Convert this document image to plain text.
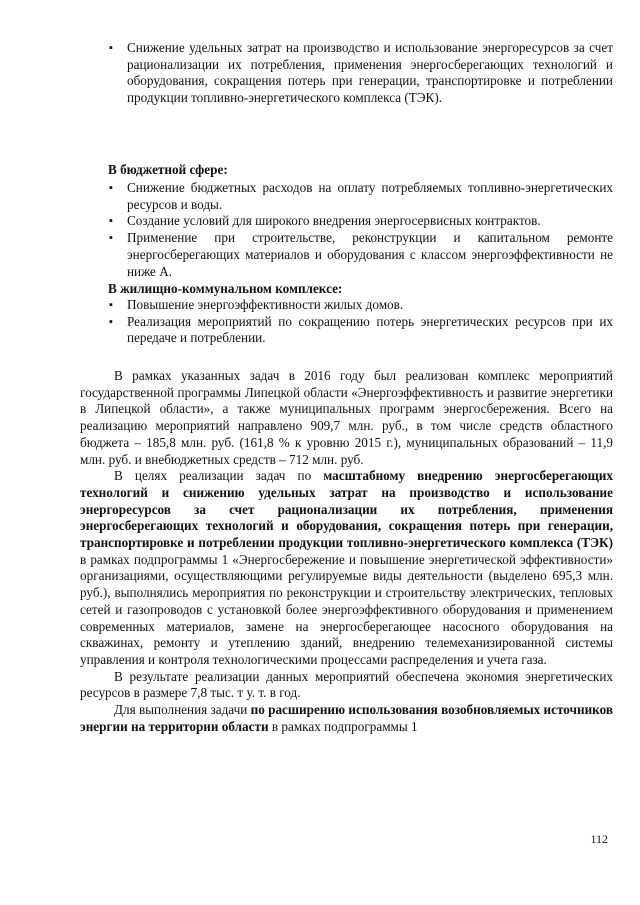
▪ Снижение удельных затрат на производство и использование энергоресурсов за счет рационализации их потребления, применения энергосберегающих технологий и оборудования, сокращения потерь при генерации, транспортировке и потреблении продукции топливно-энергетического комплекса (ТЭК).
В бюджетной сфере:
▪ Снижение бюджетных расходов на оплату потребляемых топливно-энергетических ресурсов и воды.
▪ Создание условий для широкого внедрения энергосервисных контрактов.
▪ Применение при строительстве, реконструкции и капитальном ремонте энергосберегающих материалов и оборудования с классом энергоэффективности не ниже А.
В жилищно-коммунальном комплексе:
▪ Повышение энергоэффективности жилых домов.
▪ Реализация мероприятий по сокращению потерь энергетических ресурсов при их передаче и потреблении.

В рамках указанных задач в 2016 году был реализован комплекс мероприятий государственной программы Липецкой области «Энергоэффективность и развитие энергетики в Липецкой области», а также муниципальных программ энергосбережения. Всего на реализацию мероприятий направлено 909,7 млн. руб., в том числе средств областного бюджета – 185,8 млн. руб. (161,8 % к уровню 2015 г.), муниципальных образований – 11,9 млн. руб. и внебюджетных средств – 712 млн. руб.

В целях реализации задач по масштабному внедрению энергосберегающих технологий и снижению удельных затрат на производство и использование энергоресурсов за счет рационализации их потребления, применения энергосберегающих технологий и оборудования, сокращения потерь при генерации, транспортировке и потреблении продукции топливно-энергетического комплекса (ТЭК) в рамках подпрограммы 1 «Энергосбережение и повышение энергетической эффективности» организациями, осуществляющими регулируемые виды деятельности (выделено 695,3 млн. руб.), выполнялись мероприятия по реконструкции и строительству электрических, тепловых сетей и газопроводов с установкой более энергоэффективного оборудования и применением современных материалов, замене на энергосберегающее насосного оборудования на скважинах, ремонту и утеплению зданий, внедрению телемеханизированной системы управления и контроля технологическими процессами распределения и учета газа.

В результате реализации данных мероприятий обеспечена экономия энергетических ресурсов в размере 7,8 тыс. т у. т. в год.

Для выполнения задачи по расширению использования возобновляемых источников энергии на территории области в рамках подпрограммы 1

112
